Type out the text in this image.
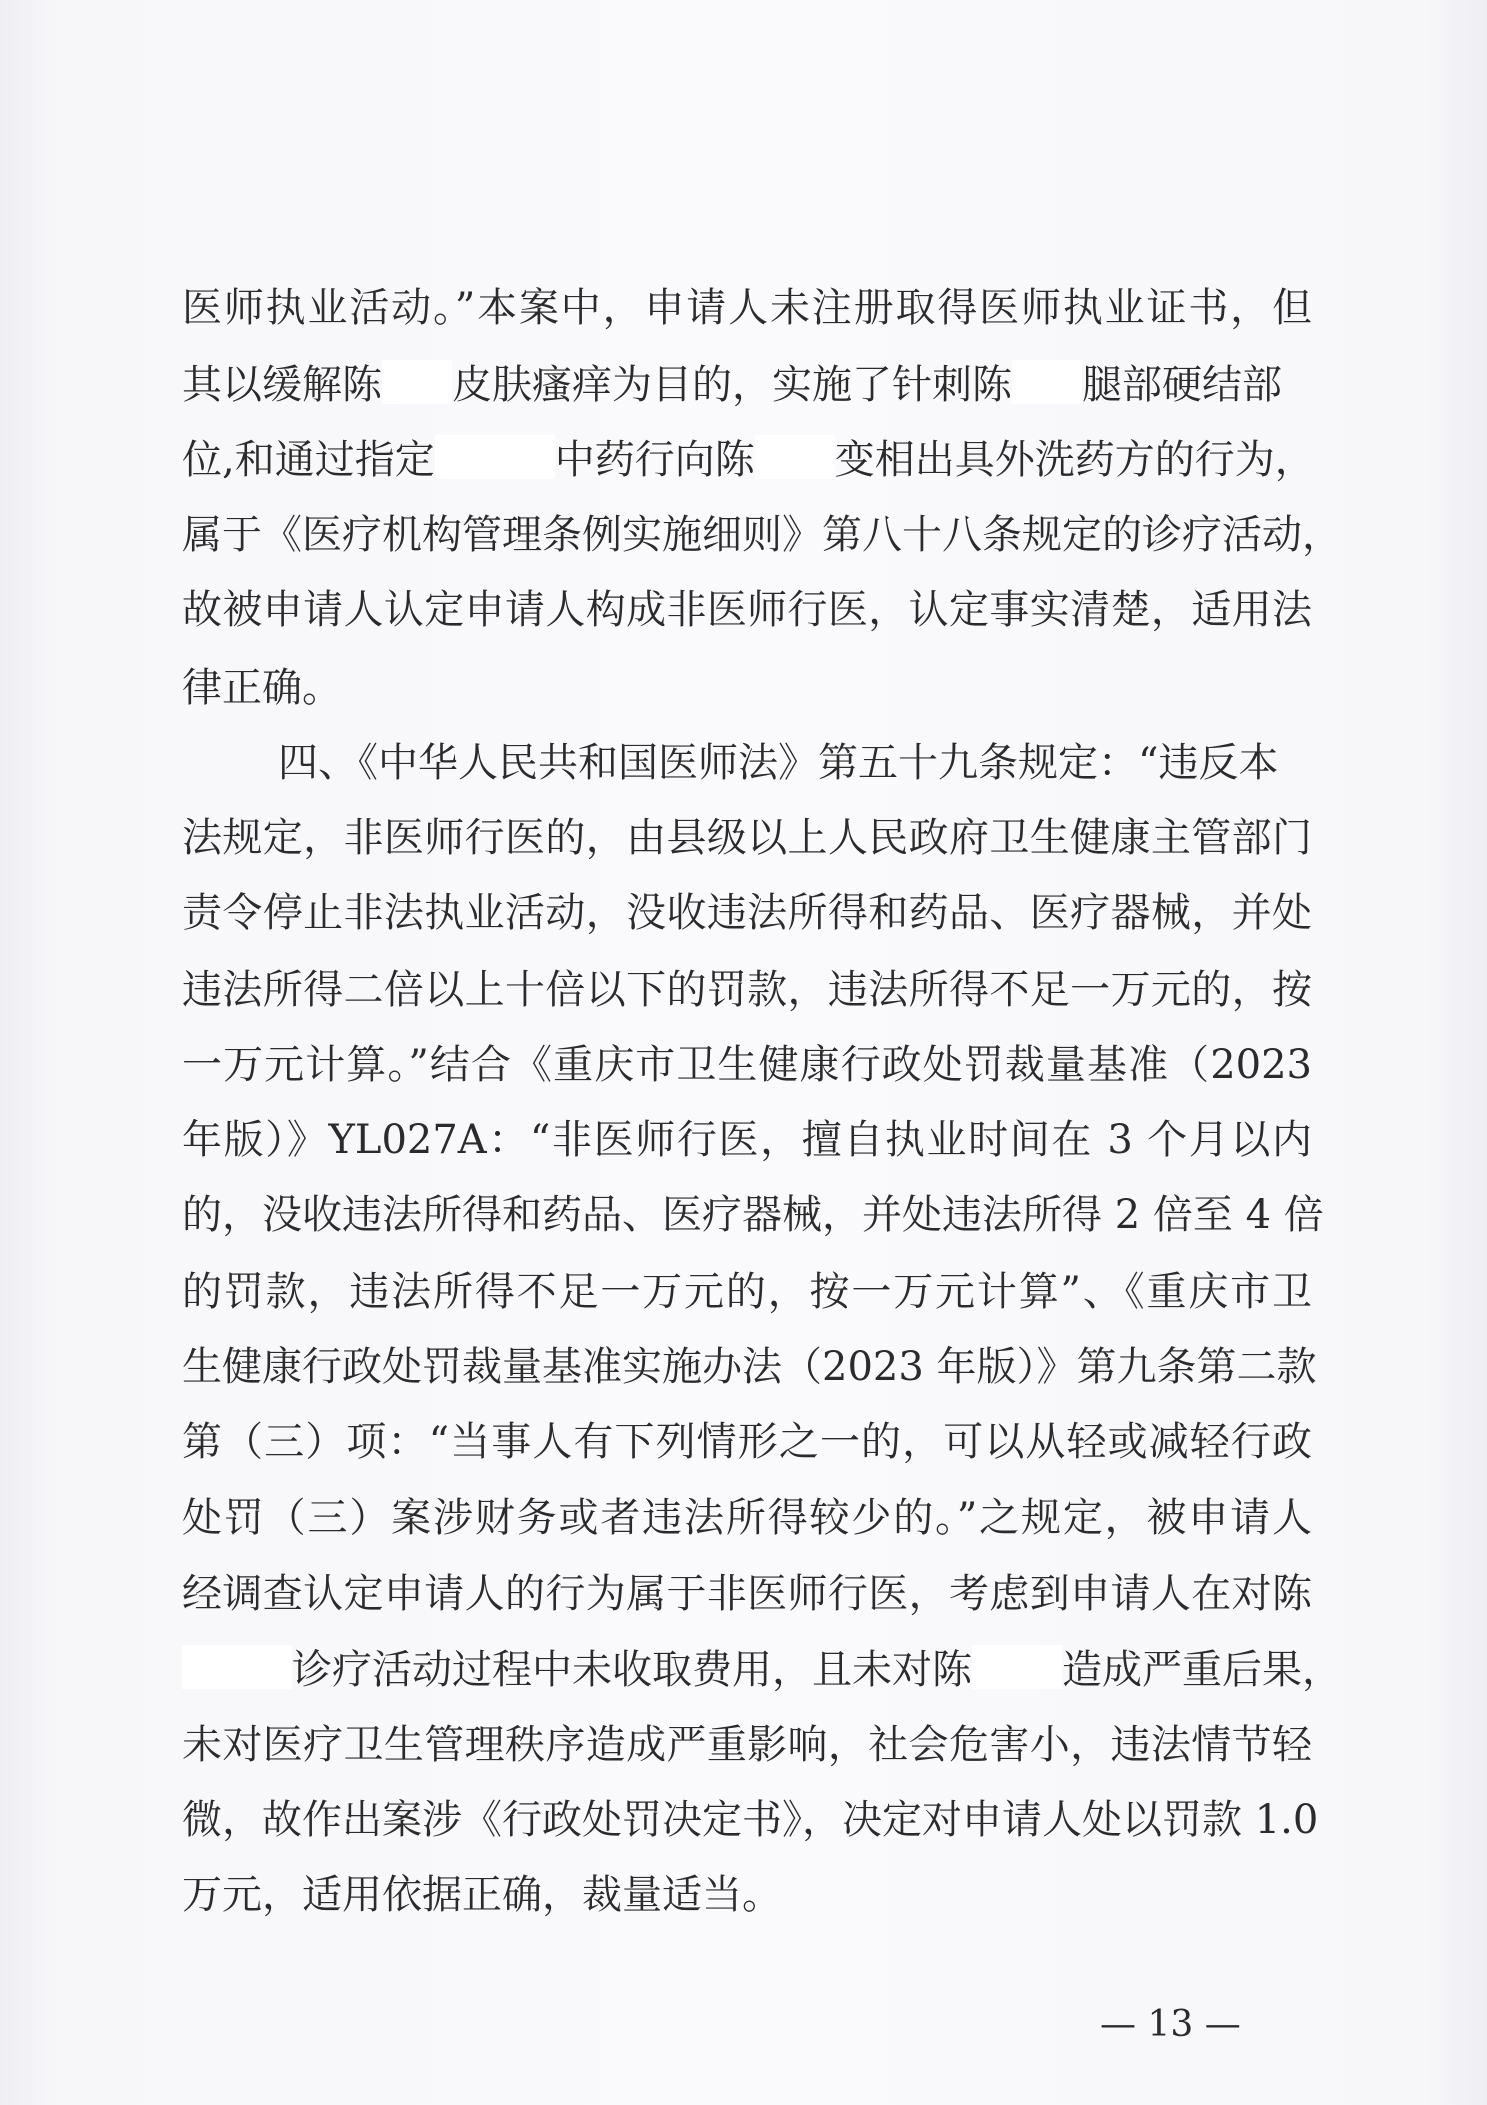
医师执业活动。”本案中，申请人未注册取得医师执业证书，但
其以缓解陈 皮肤瘙痒为目的，实施了针刺陈 腿部硬结部
位,和通过指定	中药行向陈 变相出具外洗药方的行为，
属于《医疗机构管理条例实施细则》第八十八条规定的诊疗活动，
故被申请人认定申请人构成非医师行医，认定事实清楚，适用法
律正确。
四、《中华人民共和国医师法》第五十九条规定：“违反本
法规定，非医师行医的，由县级以上人民政府卫生健康主管部门
责令停止非法执业活动，没收违法所得和药品、医疗器械，并处
违法所得二倍以上十倍以下的罚款，违法所得不足一万元的，按
一万元计算。”结合《重庆市卫生健康行政处罚裁量基准（2023
年版）》YL027A：“非医师行医，擅自执业时间在 3 个月以内
的，没收违法所得和药品、医疗器械，并处违法所得 2 倍至 4 倍
的罚款，违法所得不足一万元的，按一万元计算”、《重庆市卫
生健康行政处罚裁量基准实施办法（2023 年版）》第九条第二款
第（三）项：“当事人有下列情形之一的，可以从轻或减轻行政
处罚（三）案涉财务或者违法所得较少的。”之规定，被申请人
经调查认定申请人的行为属于非医师行医，考虑到申请人在对陈
诊疗活动过程中未收取费用，且未对陈 造成严重后果，
未对医疗卫生管理秩序造成严重影响，社会危害小，违法情节轻
微，故作出案涉《行政处罚决定书》，决定对申请人处以罚款 1.0
万元，适用依据正确，裁量适当。
— 13 —
